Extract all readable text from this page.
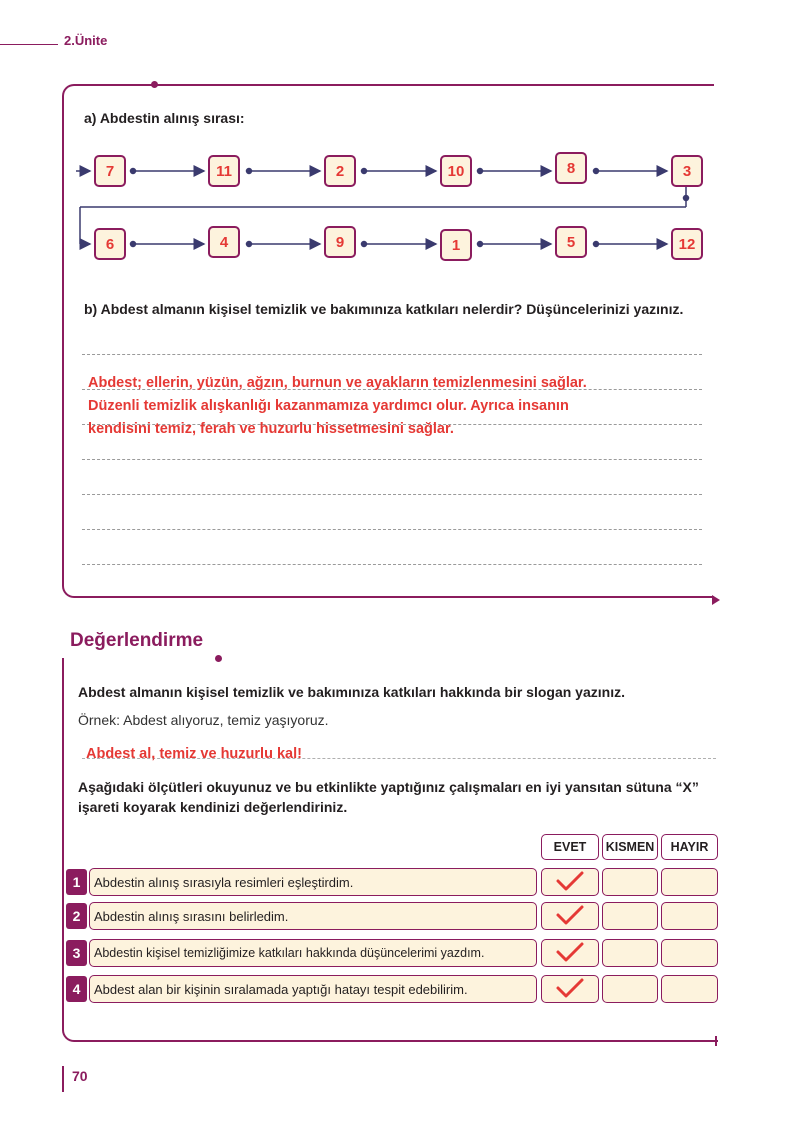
2.Ünite
a) Abdestin alınış sırası:
7	11	2	10	8	3
6	4	9	1	5	12
b) Abdest almanın kişisel temizlik ve bakımınıza katkıları nelerdir? Düşüncelerinizi yazınız.
Abdest; ellerin, yüzün, ağzın, burnun ve ayakların temizlenmesini sağlar.
Düzenli temizlik alışkanlığı kazanmamıza yardımcı olur. Ayrıca insanın
kendisini temiz, ferah ve huzurlu hissetmesini sağlar.
Değerlendirme
Abdest almanın kişisel temizlik ve bakımınıza katkıları hakkında bir slogan yazınız.
Örnek: Abdest alıyoruz, temiz yaşıyoruz.
Abdest al, temiz ve huzurlu kal!
Aşağıdaki ölçütleri okuyunuz ve bu etkinlikte yaptığınız çalışmaları en iyi yansıtan sütuna “X” işareti koyarak kendinizi değerlendiriniz.
EVET	KISMEN	HAYIR
1	Abdestin alınış sırasıyla resimleri eşleştirdim.
2	Abdestin alınış sırasını belirledim.
3	Abdestin kişisel temizliğimize katkıları hakkında düşüncelerimi yazdım.
4	Abdest alan bir kişinin sıralamada yaptığı hatayı tespit edebilirim.
70
